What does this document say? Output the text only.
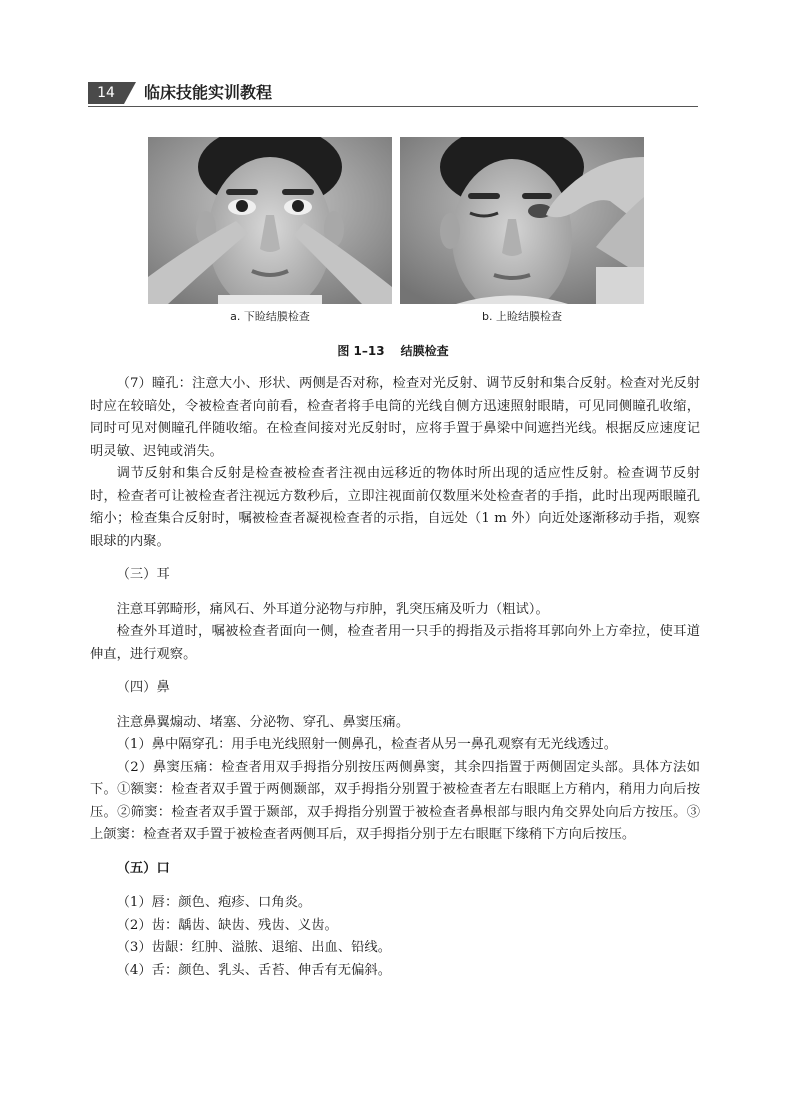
14	临床技能实训教程
a. 下睑结膜检查	b. 上睑结膜检查
图 1–13 结膜检查

（7）瞳孔：注意大小、形状、两侧是否对称，检查对光反射、调节反射和集合反射。检查对光反射时应在较暗处，令被检查者向前看，检查者将手电筒的光线自侧方迅速照射眼睛，可见同侧瞳孔收缩，同时可见对侧瞳孔伴随收缩。在检查间接对光反射时，应将手置于鼻梁中间遮挡光线。根据反应速度记明灵敏、迟钝或消失。

调节反射和集合反射是检查被检查者注视由远移近的物体时所出现的适应性反射。检查调节反射时，检查者可让被检查者注视远方数秒后，立即注视面前仅数厘米处检查者的手指，此时出现两眼瞳孔缩小；检查集合反射时，嘱被检查者凝视检查者的示指，自远处（1 m 外）向近处逐渐移动手指，观察眼球的内聚。

（三）耳

注意耳郭畸形，痛风石、外耳道分泌物与疖肿，乳突压痛及听力（粗试）。

检查外耳道时，嘱被检查者面向一侧，检查者用一只手的拇指及示指将耳郭向外上方牵拉，使耳道伸直，进行观察。

（四）鼻

注意鼻翼煽动、堵塞、分泌物、穿孔、鼻窦压痛。

（1）鼻中隔穿孔：用手电光线照射一侧鼻孔，检查者从另一鼻孔观察有无光线透过。

（2）鼻窦压痛：检查者用双手拇指分别按压两侧鼻窦，其余四指置于两侧固定头部。具体方法如下。①额窦：检查者双手置于两侧颞部，双手拇指分别置于被检查者左右眼眶上方稍内，稍用力向后按压。②筛窦：检查者双手置于颞部，双手拇指分别置于被检查者鼻根部与眼内角交界处向后方按压。③上颌窦：检查者双手置于被检查者两侧耳后，双手拇指分别于左右眼眶下缘稍下方向后按压。

（五）口

（1）唇：颜色、疱疹、口角炎。

（2）齿：龋齿、缺齿、残齿、义齿。

（3）齿龈：红肿、溢脓、退缩、出血、铅线。

（4）舌：颜色、乳头、舌苔、伸舌有无偏斜。
